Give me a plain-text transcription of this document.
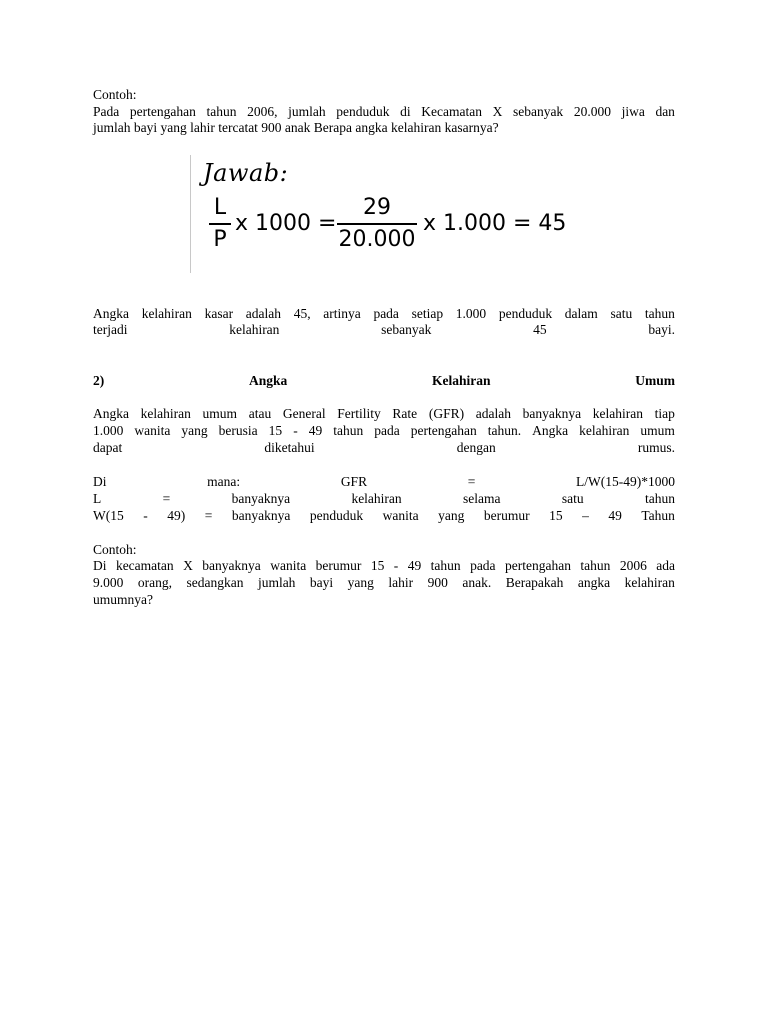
Contoh:
Pada pertengahan tahun 2006, jumlah penduduk di Kecamatan X sebanyak 20.000 jiwa dan
jumlah bayi yang lahir tercatat 900 anak Berapa angka kelahiran kasarnya?
Jawab:
L
P
x 1000 =
29
20.000
x 1.000 = 45
Angka kelahiran kasar adalah 45, artinya pada setiap 1.000 penduduk dalam satu tahun
terjadi	kelahiran	sebanyak	45	bayi.
2)	Angka	Kelahiran	Umum
Angka kelahiran umum atau General Fertility Rate (GFR) adalah banyaknya kelahiran tiap
1.000 wanita yang berusia 15 - 49 tahun pada pertengahan tahun. Angka kelahiran umum
dapat	diketahui	dengan	rumus.
Di	mana:	GFR	=	L/W(15-49)*1000
L	=	banyaknya	kelahiran	selama	satu	tahun
W(15 - 49) = banyaknya penduduk wanita yang berumur 15 – 49 Tahun
Contoh:
Di kecamatan X banyaknya wanita berumur 15 - 49 tahun pada pertengahan tahun 2006 ada
9.000 orang, sedangkan jumlah bayi yang lahir 900 anak. Berapakah angka kelahiran
umumnya?
